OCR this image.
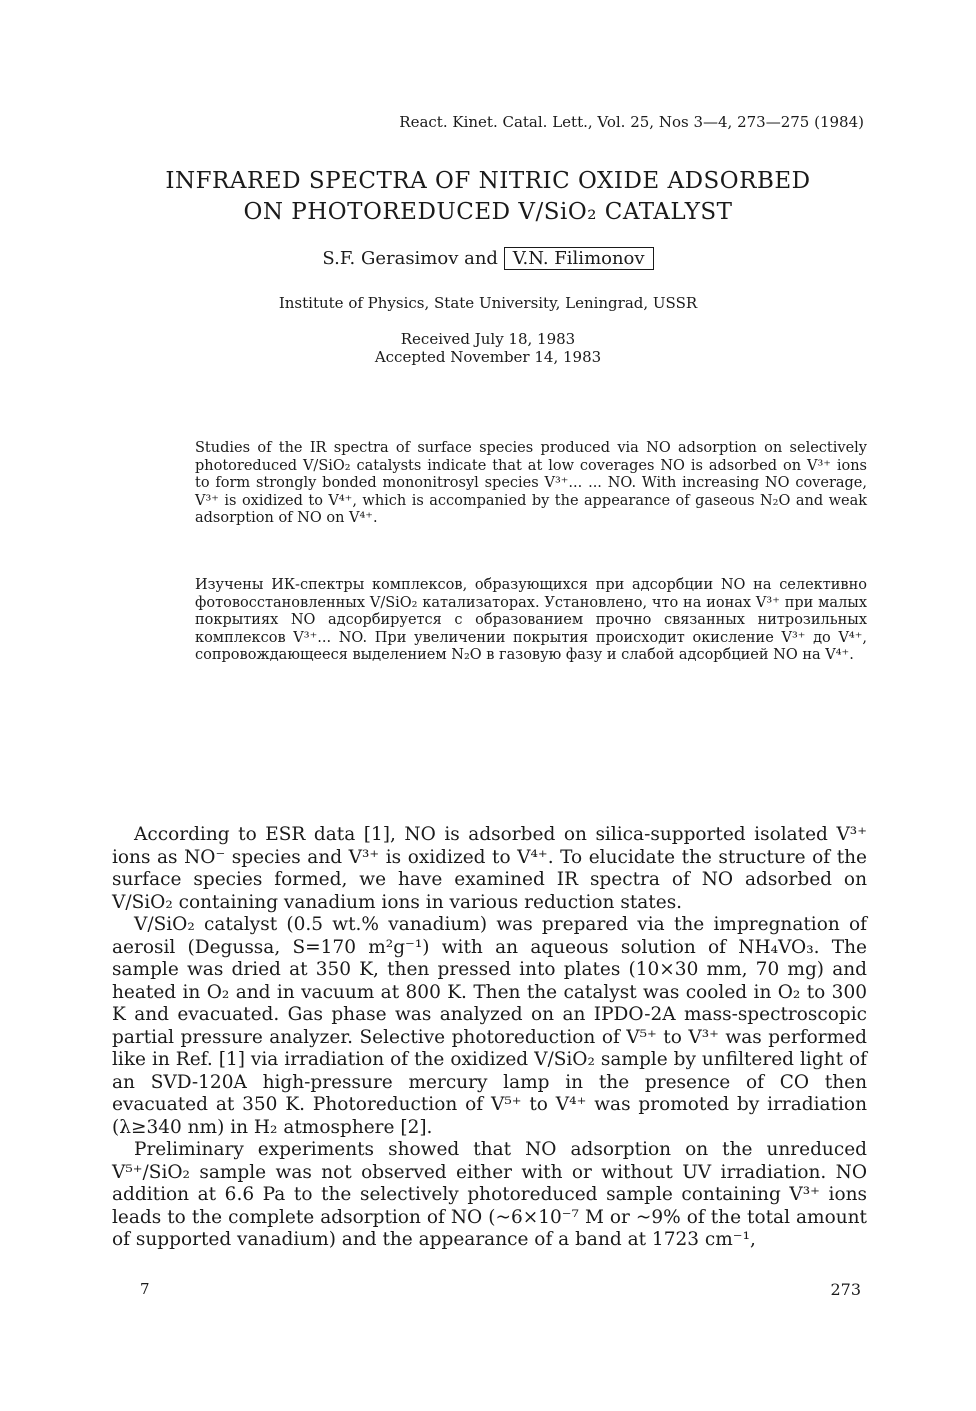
React. Kinet. Catal. Lett., Vol. 25, Nos 3—4, 273—275 (1984)
INFRARED SPECTRA OF NITRIC OXIDE ADSORBED
ON PHOTOREDUCED V/SiO₂ CATALYST
S.F. Gerasimov and V.N. Filimonov
Institute of Physics, State University, Leningrad, USSR
Received July 18, 1983
Accepted November 14, 1983
Studies of the IR spectra of surface species produced via NO adsorption on selectively photoreduced V/SiO₂ catalysts indicate that at low coverages NO is adsorbed on V³⁺ ions to form strongly bonded mononitrosyl species V³⁺... ... NO. With increasing NO coverage, V³⁺ is oxidized to V⁴⁺, which is accompanied by the appearance of gaseous N₂O and weak adsorption of NO on V⁴⁺.
Изучены ИК-спектры комплексов, образующихся при адсорбции NO на селективно фотовосстановленных V/SiO₂ катализаторах. Установлено, что на ионах V³⁺ при малых покрытиях NO адсорбируется с образованием прочно связанных нитрозильных комплексов V³⁺... NO. При увеличении покрытия происходит окисление V³⁺ до V⁴⁺, сопровождающееся выделением N₂O в газовую фазу и слабой адсорбцией NO на V⁴⁺.

According to ESR data [1], NO is adsorbed on silica-supported isolated V³⁺ ions as NO⁻ species and V³⁺ is oxidized to V⁴⁺. To elucidate the structure of the surface species formed, we have examined IR spectra of NO adsorbed on V/SiO₂ containing vanadium ions in various reduction states.

V/SiO₂ catalyst (0.5 wt.% vanadium) was prepared via the impregnation of aerosil (Degussa, S=170 m²g⁻¹) with an aqueous solution of NH₄VO₃. The sample was dried at 350 K, then pressed into plates (10×30 mm, 70 mg) and heated in O₂ and in vacuum at 800 K. Then the catalyst was cooled in O₂ to 300 K and evacuated. Gas phase was analyzed on an IPDO-2A mass-spectroscopic partial pressure analyzer. Selective photoreduction of V⁵⁺ to V³⁺ was performed like in Ref. [1] via irradiation of the oxidized V/SiO₂ sample by unfiltered light of an SVD-120A high-pressure mercury lamp in the presence of CO then evacuated at 350 K. Photoreduction of V⁵⁺ to V⁴⁺ was promoted by irradiation (λ≥340 nm) in H₂ atmosphere [2].

Preliminary experiments showed that NO adsorption on the unreduced V⁵⁺/SiO₂ sample was not observed either with or without UV irradiation. NO addition at 6.6 Pa to the selectively photoreduced sample containing V³⁺ ions leads to the complete adsorption of NO (~6×10⁻⁷ M or ~9% of the total amount of supported vanadium) and the appearance of a band at 1723 cm⁻¹,

7	273
